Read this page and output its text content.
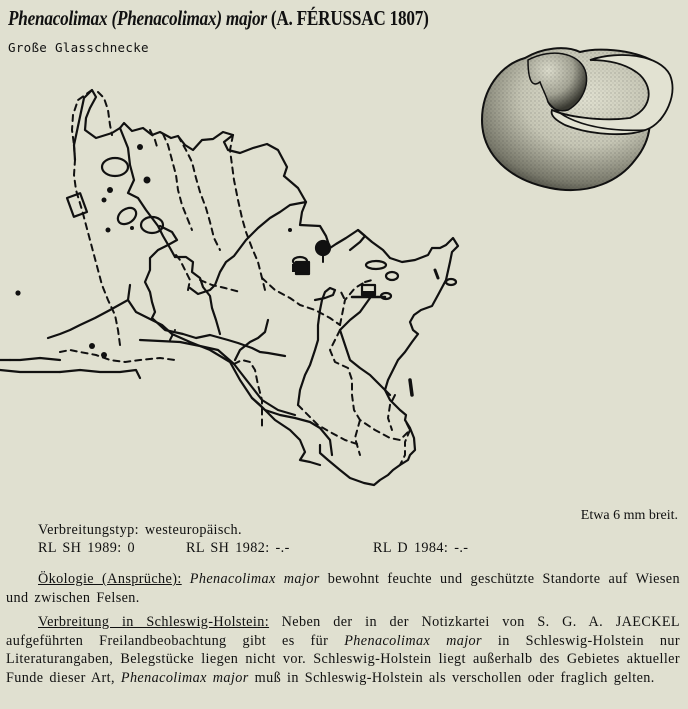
Phenacolimax (Phenacolimax) major (A. FÉRUSSAC 1807)
Große Glasschnecke
Etwa 6 mm breit.
Verbreitungstyp: westeuropäisch.
RL SH 1989: 0	RL SH 1982: -.-	RL D 1984: -.-
Ökologie (Ansprüche): Phenacolimax major bewohnt feuchte und geschützte Standorte auf Wiesen und zwischen Felsen.
Verbreitung in Schleswig-Holstein: Neben der in der Notizkartei von S. G. A. JAECKEL aufgeführten Freilandbeobachtung gibt es für Phenacolimax major in Schleswig-Holstein nur Literaturangaben, Belegstücke liegen nicht vor. Schleswig-Holstein liegt außerhalb des Gebietes aktueller Funde dieser Art, Phenacolimax major muß in Schleswig-Holstein als verschollen oder fraglich gelten.
